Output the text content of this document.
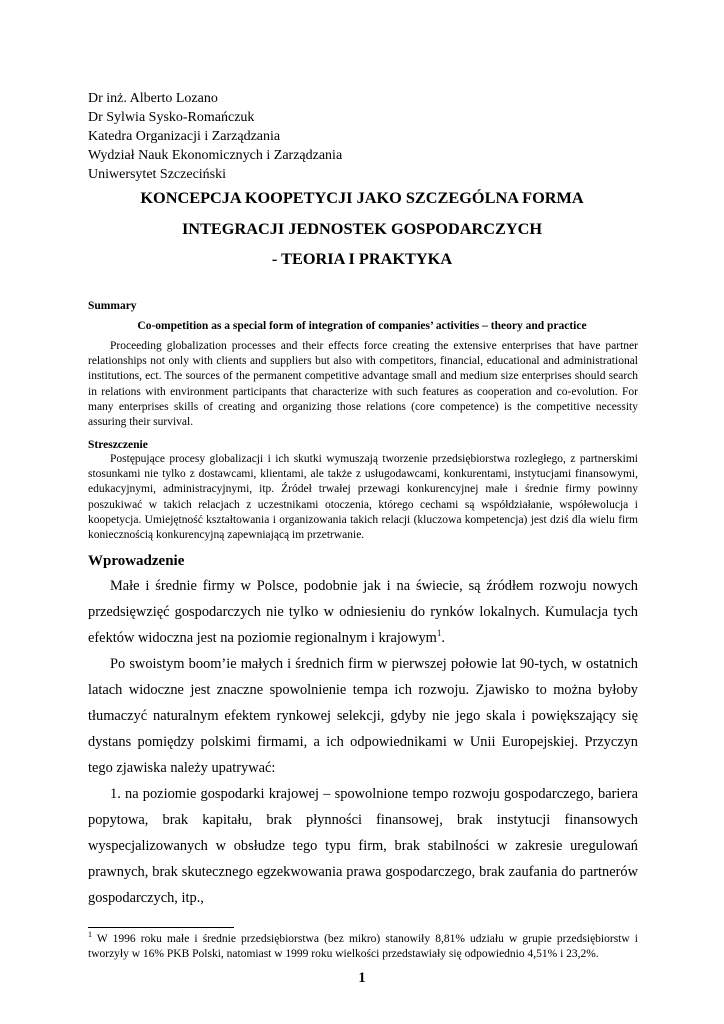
Dr inż. Alberto Lozano
Dr Sylwia Sysko-Romańczuk
Katedra Organizacji i Zarządzania
Wydział Nauk Ekonomicznych i Zarządzania
Uniwersytet Szczeciński
KONCEPCJA KOOPETYCJI JAKO SZCZEGÓLNA FORMA
INTEGRACJI JEDNOSTEK GOSPODARCZYCH
- TEORIA I PRAKTYKA
Summary
Co-ompetition as a special form of integration of companies’ activities – theory and practice

Proceeding globalization processes and their effects force creating the extensive enterprises that have partner relationships not only with clients and suppliers but also with competitors, financial, educational and administrational institutions, ect. The sources of the permanent competitive advantage small and medium size enterprises should search in relations with environment participants that characterize with such features as cooperation and co-evolution. For many enterprises skills of creating and organizing those relations (core competence) is the competitive necessity assuring their survival.

Streszczenie

Postępujące procesy globalizacji i ich skutki wymuszają tworzenie przedsiębiorstwa rozległego, z partnerskimi stosunkami nie tylko z dostawcami, klientami, ale także z usługodawcami, konkurentami, instytucjami finansowymi, edukacyjnymi, administracyjnymi, itp. Źródeł trwałej przewagi konkurencyjnej małe i średnie firmy powinny poszukiwać w takich relacjach z uczestnikami otoczenia, którego cechami są współdziałanie, współewolucja i koopetycja. Umiejętność kształtowania i organizowania takich relacji (kluczowa kompetencja) jest dziś dla wielu firm koniecznością konkurencyjną zapewniającą im przetrwanie.

Wprowadzenie

Małe i średnie firmy w Polsce, podobnie jak i na świecie, są źródłem rozwoju nowych przedsięwzięć gospodarczych nie tylko w odniesieniu do rynków lokalnych. Kumulacja tych efektów widoczna jest na poziomie regionalnym i krajowym$^1$.

Po swoistym boom’ie małych i średnich firm w pierwszej połowie lat 90-tych, w ostatnich latach widoczne jest znaczne spowolnienie tempa ich rozwoju. Zjawisko to można byłoby tłumaczyć naturalnym efektem rynkowej selekcji, gdyby nie jego skala i powiększający się dystans pomiędzy polskimi firmami, a ich odpowiednikami w Unii Europejskiej. Przyczyn tego zjawiska należy upatrywać:

1. na poziomie gospodarki krajowej – spowolnione tempo rozwoju gospodarczego, bariera popytowa, brak kapitału, brak płynności finansowej, brak instytucji finansowych wyspecjalizowanych w obsłudze tego typu firm, brak stabilności w zakresie uregulowań prawnych, brak skutecznego egzekwowania prawa gospodarczego, brak zaufania do partnerów gospodarczych, itp.,

$^1$ W 1996 roku małe i średnie przedsiębiorstwa (bez mikro) stanowiły 8,81% udziału w grupie przedsiębiorstw i tworzyły w 16% PKB Polski, natomiast w 1999 roku wielkości przedstawiały się odpowiednio 4,51% i 23,2%.

1
